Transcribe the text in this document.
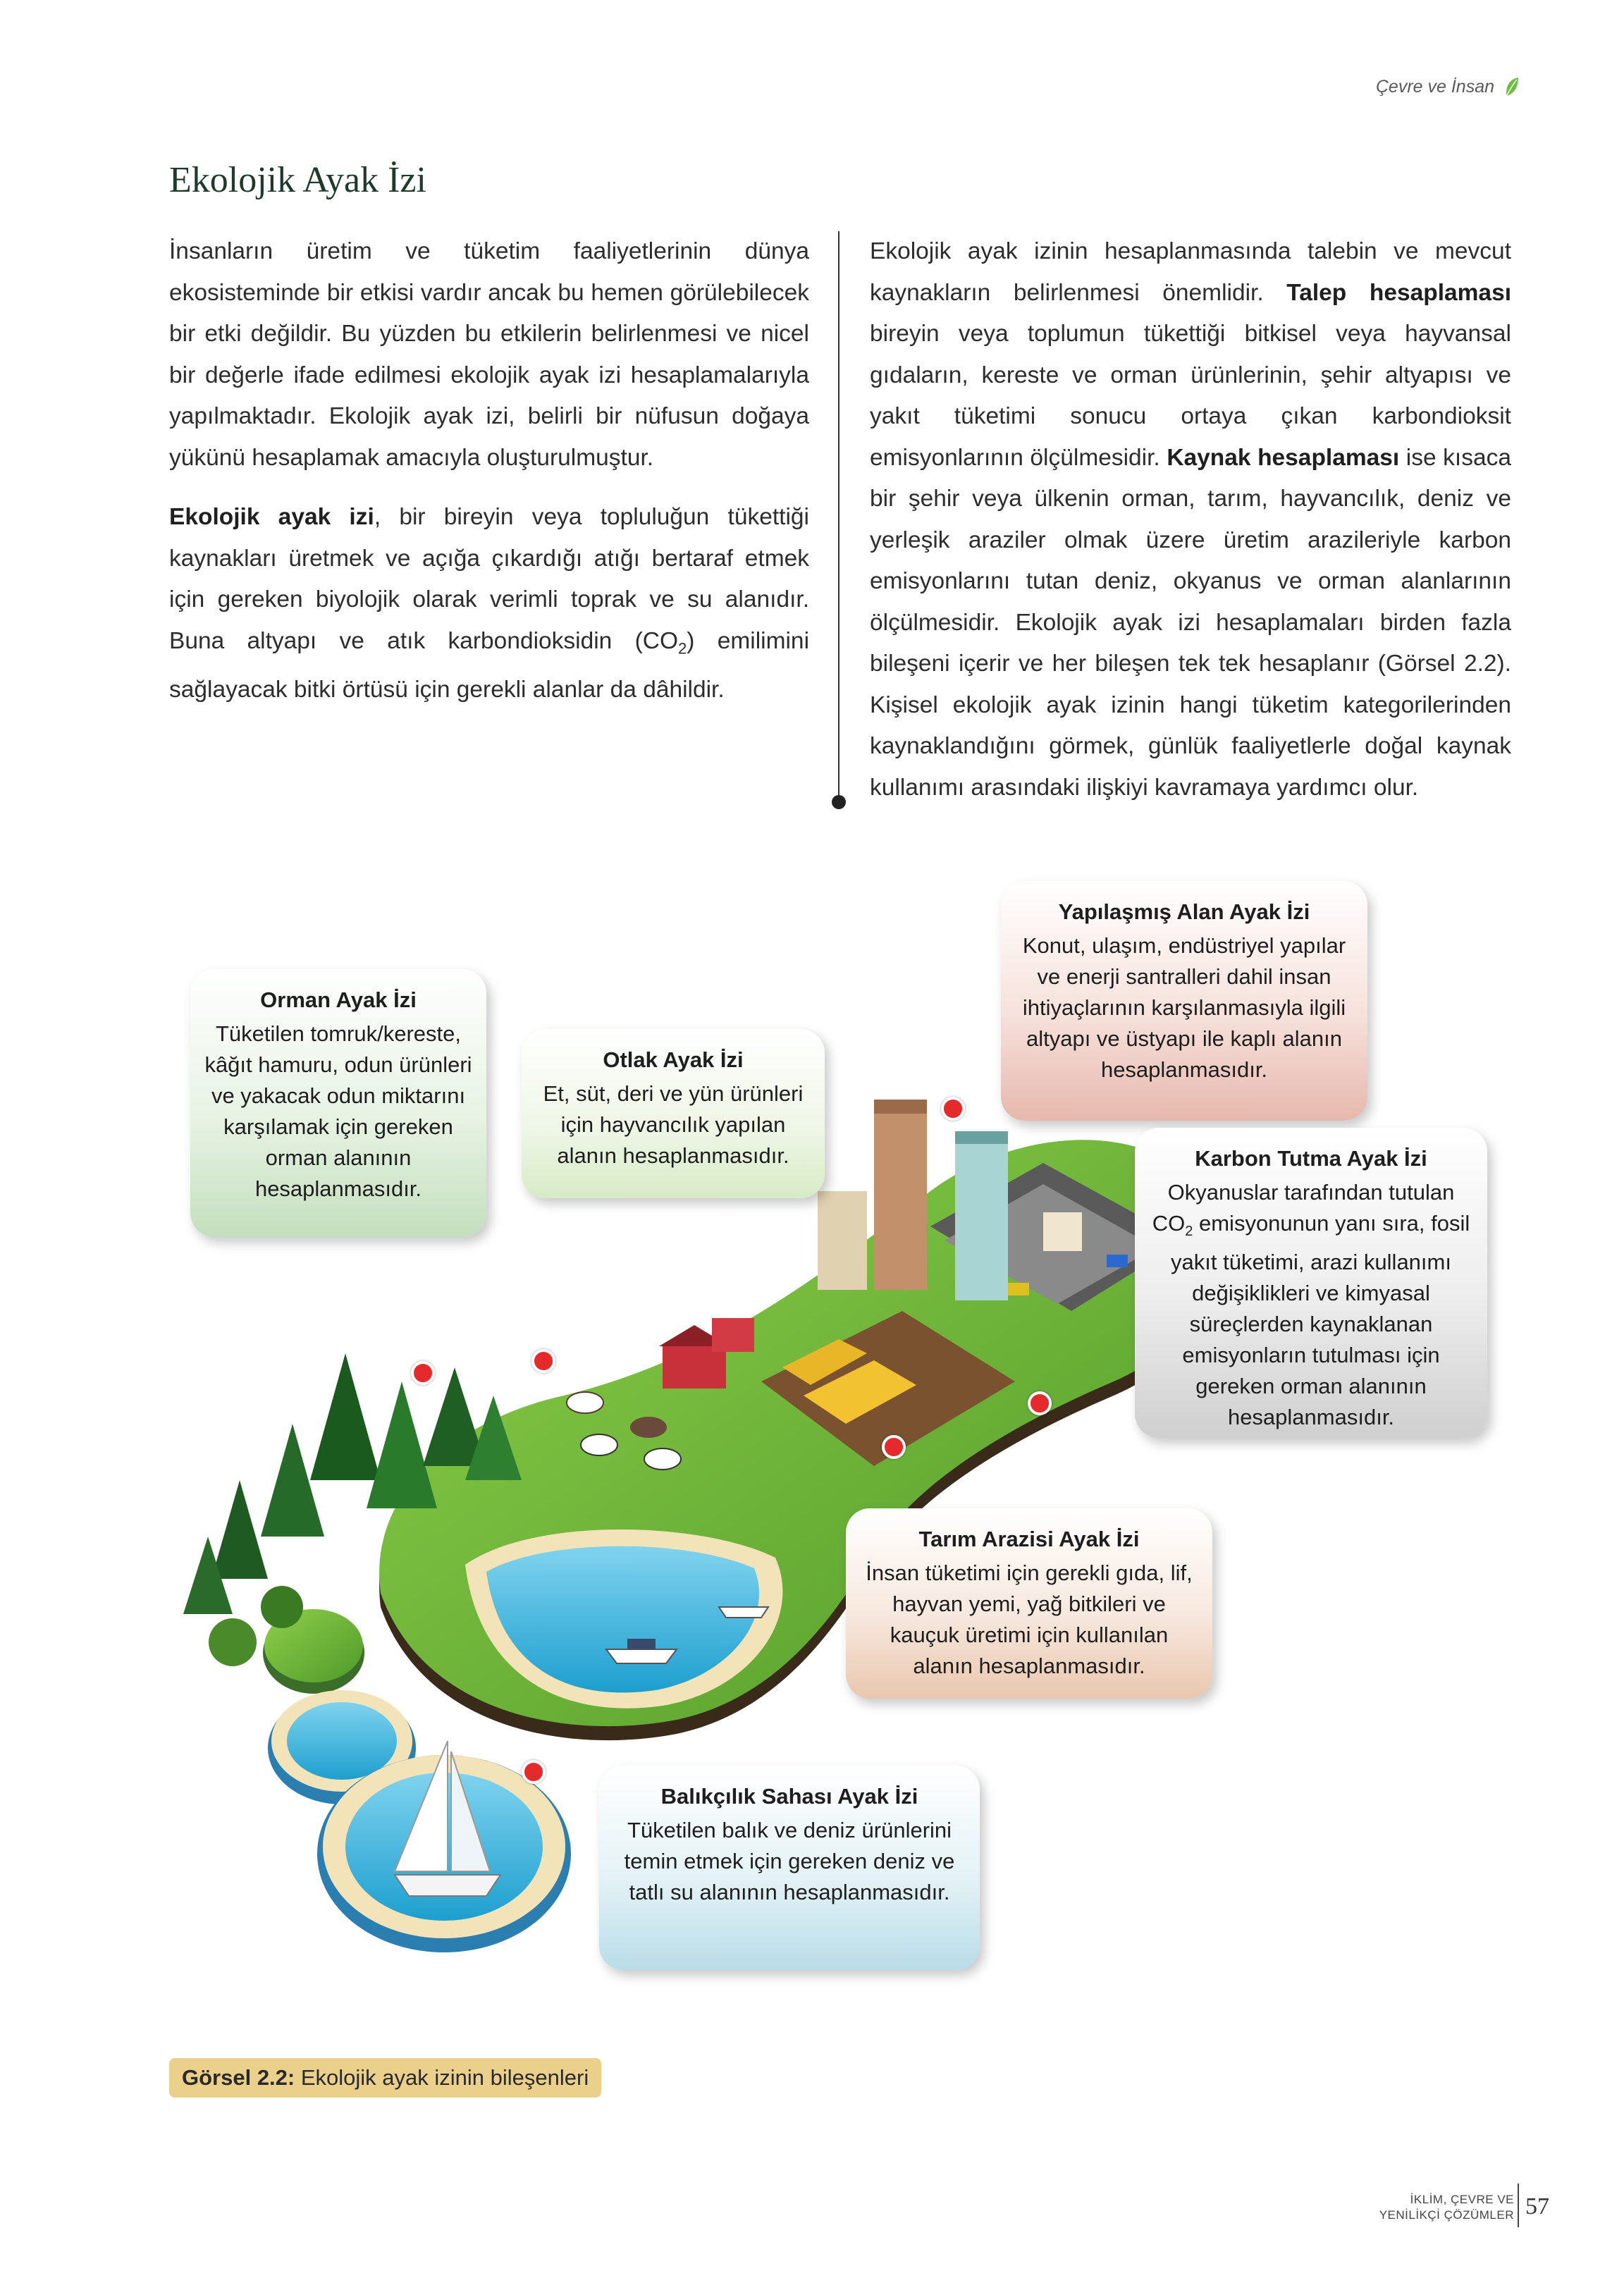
Çevre ve İnsan
Ekolojik Ayak İzi

İnsanların üretim ve tüketim faaliyetlerinin dünya ekosisteminde bir etkisi vardır ancak bu hemen görülebilecek bir etki değildir. Bu yüzden bu etkilerin belirlenmesi ve nicel bir değerle ifade edilmesi ekolojik ayak izi hesaplamalarıyla yapılmaktadır. Ekolojik ayak izi, belirli bir nüfusun doğaya yükünü hesaplamak amacıyla oluşturulmuştur.

Ekolojik ayak izi, bir bireyin veya topluluğun tükettiği kaynakları üretmek ve açığa çıkardığı atığı bertaraf etmek için gereken biyolojik olarak verimli toprak ve su alanıdır. Buna altyapı ve atık karbondioksidin $(CO_2)$ emilimini sağlayacak bitki örtüsü için gerekli alanlar da dâhildir.

Ekolojik ayak izinin hesaplanmasında talebin ve mevcut kaynakların belirlenmesi önemlidir. Talep hesaplaması bireyin veya toplumun tükettiği bitkisel veya hayvansal gıdaların, kereste ve orman ürünlerinin, şehir altyapısı ve yakıt tüketimi sonucu ortaya çıkan karbondioksit emisyonlarının ölçülmesidir. Kaynak hesaplaması ise kısaca bir şehir veya ülkenin orman, tarım, hayvancılık, deniz ve yerleşik araziler olmak üzere üretim arazileriyle karbon emisyonlarını tutan deniz, okyanus ve orman alanlarının ölçülmesidir. Ekolojik ayak izi hesaplamaları birden fazla bileşeni içerir ve her bileşen tek tek hesaplanır (Görsel 2.2). Kişisel ekolojik ayak izinin hangi tüketim kategorilerinden kaynaklandığını görmek, günlük faaliyetlerle doğal kaynak kullanımı arasındaki ilişkiyi kavramaya yardımcı olur.

Orman Ayak İzi
Tüketilen tomruk/kereste, kâğıt hamuru, odun ürünleri ve yakacak odun miktarını karşılamak için gereken orman alanının hesaplanmasıdır.
Otlak Ayak İzi
Et, süt, deri ve yün ürünleri için hayvancılık yapılan alanın hesaplanmasıdır.
Yapılaşmış Alan Ayak İzi
Konut, ulaşım, endüstriyel yapılar ve enerji santralleri dahil insan ihtiyaçlarının karşılanmasıyla ilgili altyapı ve üstyapı ile kaplı alanın hesaplanmasıdır.
Karbon Tutma Ayak İzi
Okyanuslar tarafından tutulan $CO_2$ emisyonunun yanı sıra, fosil yakıt tüketimi, arazi kullanımı değişiklikleri ve kimyasal süreçlerden kaynaklanan emisyonların tutulması için gereken orman alanının hesaplanmasıdır.
Tarım Arazisi Ayak İzi
İnsan tüketimi için gerekli gıda, lif, hayvan yemi, yağ bitkileri ve kauçuk üretimi için kullanılan alanın hesaplanmasıdır.
Balıkçılık Sahası Ayak İzi
Tüketilen balık ve deniz ürünlerini temin etmek için gereken deniz ve tatlı su alanının hesaplanmasıdır.
Görsel 2.2: Ekolojik ayak izinin bileşenleri
İKLİM, ÇEVRE VE
YENİLİKÇİ ÇÖZÜMLER 57
